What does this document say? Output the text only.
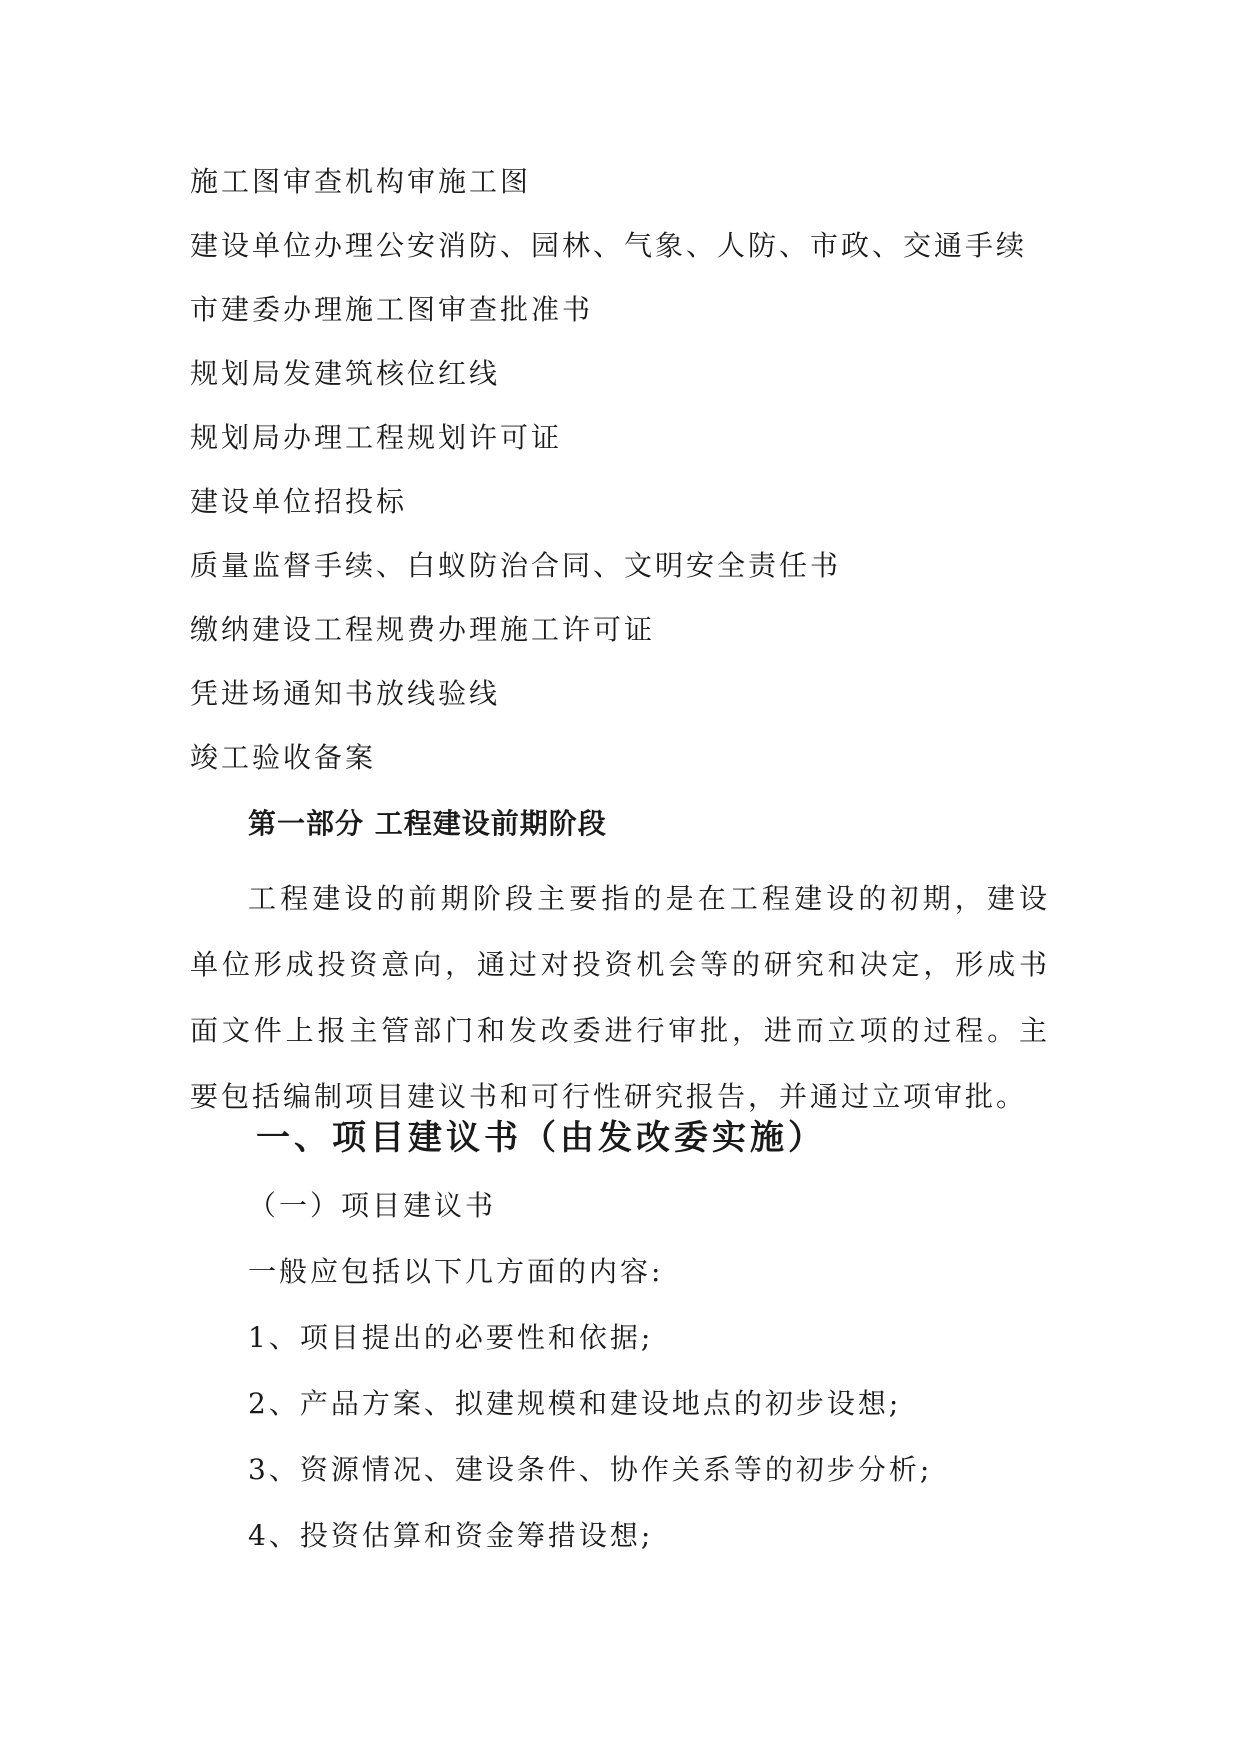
施工图审查机构审施工图
建设单位办理公安消防、园林、气象、人防、市政、交通手续
市建委办理施工图审查批准书
规划局发建筑核位红线
规划局办理工程规划许可证
建设单位招投标
质量监督手续、白蚁防治合同、文明安全责任书
缴纳建设工程规费办理施工许可证
凭进场通知书放线验线
竣工验收备案
第一部分 工程建设前期阶段
工程建设的前期阶段主要指的是在工程建设的初期，建设单位形成投资意向，通过对投资机会等的研究和决定，形成书面文件上报主管部门和发改委进行审批，进而立项的过程。主要包括编制项目建议书和可行性研究报告，并通过立项审批。
一、项目建议书（由发改委实施）
（一）项目建议书
一般应包括以下几方面的内容:
1、项目提出的必要性和依据;
2、产品方案、拟建规模和建设地点的初步设想;
3、资源情况、建设条件、协作关系等的初步分析;
4、投资估算和资金筹措设想;
